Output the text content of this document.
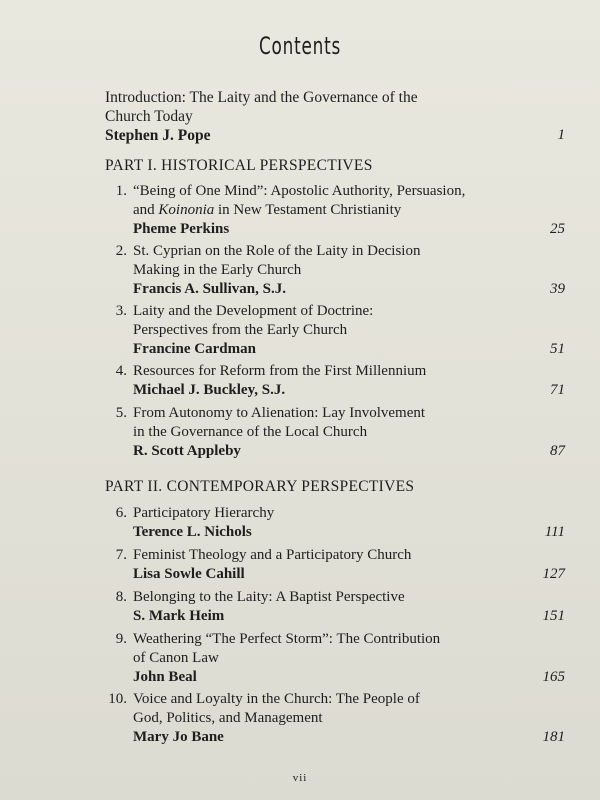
Contents
Introduction: The Laity and the Governance of the
Church Today
Stephen J. Pope	1
PART I. HISTORICAL PERSPECTIVES
1. “Being of One Mind”: Apostolic Authority, Persuasion,
and Koinonia in New Testament Christianity
Pheme Perkins	25
2. St. Cyprian on the Role of the Laity in Decision
Making in the Early Church
Francis A. Sullivan, S.J.	39
3. Laity and the Development of Doctrine:
Perspectives from the Early Church
Francine Cardman	51
4. Resources for Reform from the First Millennium
Michael J. Buckley, S.J.	71
5. From Autonomy to Alienation: Lay Involvement
in the Governance of the Local Church
R. Scott Appleby	87
PART II. CONTEMPORARY PERSPECTIVES
6. Participatory Hierarchy
Terence L. Nichols	111
7. Feminist Theology and a Participatory Church
Lisa Sowle Cahill	127
8. Belonging to the Laity: A Baptist Perspective
S. Mark Heim	151
9. Weathering “The Perfect Storm”: The Contribution
of Canon Law
John Beal	165
10. Voice and Loyalty in the Church: The People of
God, Politics, and Management
Mary Jo Bane	181
vii
